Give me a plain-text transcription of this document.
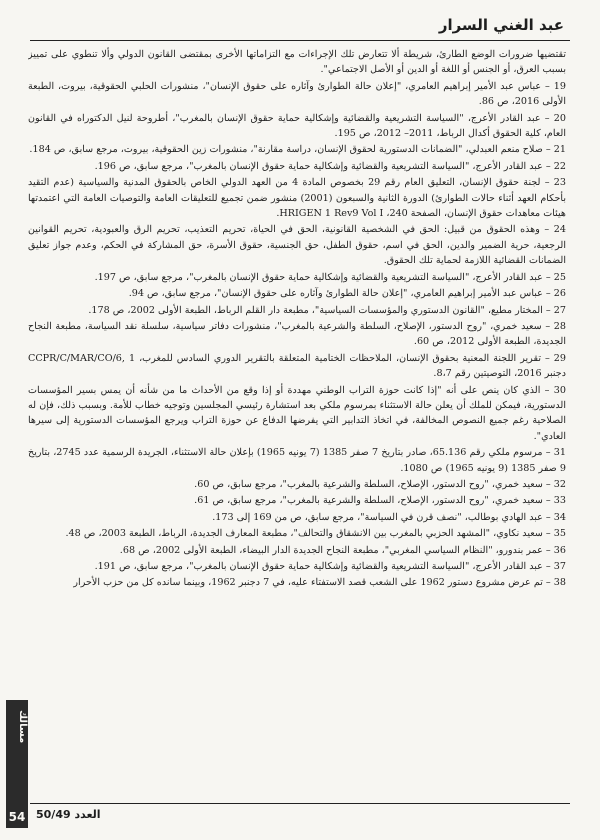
عبد الغني السرار

تقتضيها ضرورات الوضع الطارئ، شريطة ألا تتعارض تلك الإجراءات مع التزاماتها الأخرى بمقتضى القانون الدولي وألا تنطوي على تمييز بسبب العرق، أو الجنس أو اللغة أو الدين أو الأصل الاجتماعي".

19 – عباس عبد الأمير إبراهيم العامري، "إعلان حالة الطوارئ وآثاره على حقوق الإنسان"، منشورات الحلبي الحقوقية، بيروت، الطبعة الأولى 2016، ص 86.

20 – عبد القادر الأعرج، "السياسة التشريعية والقضائية وإشكالية حماية حقوق الإنسان بالمغرب"، أطروحة لنيل الدكتوراه في القانون العام، كلية الحقوق أكدال الرباط، 2011– 2012، ص 195.

21 – صلاح منعم العبدلي، "الضمانات الدستورية لحقوق الإنسان، دراسة مقارنة"، منشورات زين الحقوقية، بيروت، مرجع سابق، ص 184.

22 – عبد القادر الأعرج، "السياسة التشريعية والقضائية وإشكالية حماية حقوق الإنسان بالمغرب"، مرجع سابق، ص 196.

23 – لجنة حقوق الإنسان، التعليق العام رقم 29 بخصوص المادة 4 من العهد الدولي الخاص بالحقوق المدنية والسياسية (عدم التقيد بأحكام العهد أثناء حالات الطوارئ) الدورة الثانية والسبعون (2001) منشور ضمن تجميع للتعليقات العامة والتوصيات العامة التي اعتمدتها هيئات معاهدات حقوق الإنسان، الصفحة 240، HRIGEN 1 Rev9 Vol I.

24 – وهذه الحقوق من قبيل: الحق في الشخصية القانونية، الحق في الحياة، تحريم التعذيب، تحريم الرق والعبودية، تحريم القوانين الرجعية، حرية الضمير والدين، الحق في اسم، حقوق الطفل، حق الجنسية، حقوق الأسرة، حق المشاركة في الحكم، وعدم جواز تعليق الضمانات القضائية اللازمة لحماية تلك الحقوق.

25 – عبد القادر الأعرج، "السياسة التشريعية والقضائية وإشكالية حماية حقوق الإنسان بالمغرب"، مرجع سابق، ص 197.

26 – عباس عبد الأمير إبراهيم العامري، "إعلان حالة الطوارئ وآثاره على حقوق الإنسان"، مرجع سابق، ص 94.

27 – المختار مطيع، "القانون الدستوري والمؤسسات السياسية"، مطبعة دار القلم الرباط، الطبعة الأولى 2002، ص 178.

28 – سعيد خمري، "روح الدستور، الإصلاح، السلطة والشرعية بالمغرب"، منشورات دفاتر سياسية، سلسلة نقد السياسة، مطبعة النجاح الجديدة، الطبعة الأولى 2012، ص 60.

29 – تقرير اللجنة المعنية بحقوق الإنسان، الملاحظات الختامية المتعلقة بالتقرير الدوري السادس للمغرب، CCPR/C/MAR/CO/6, 1 دجنبر 2016، التوصيتين رقم 8،7.

30 – الذي كان ينص على أنه "إذا كانت حوزة التراب الوطني مهددة أو إذا وقع من الأحداث ما من شأنه أن يمس بسير المؤسسات الدستورية، فيمكن للملك أن يعلن حالة الاستثناء بمرسوم ملكي بعد استشارة رئيسي المجلسين وتوجيه خطاب للأمة. وبسبب ذلك، فإن له الصلاحية رغم جميع النصوص المخالفة، في اتخاذ التدابير التي يفرضها الدفاع عن حوزة التراب ويرجع المؤسسات الدستورية إلى سيرها العادي".

31 – مرسوم ملكي رقم 65.136، صادر بتاريخ 7 صفر 1385 (7 يونيه 1965) بإعلان حالة الاستثناء، الجريدة الرسمية عدد 2745، بتاريخ 9 صفر 1385 (9 يونيه 1965) ص 1080.

32 – سعيد خمري، "روح الدستور، الإصلاح، السلطة والشرعية بالمغرب"، مرجع سابق، ص 60.

33 – سعيد خمري، "روح الدستور، الإصلاح، السلطة والشرعية بالمغرب"، مرجع سابق، ص 61.

34 – عبد الهادي بوطالب، "نصف قرن في السياسة"، مرجع سابق، ص من 169 إلى 173.

35 – سعيد نكاوي، "المشهد الحزبي بالمغرب بين الانشقاق والتحالف"، مطبعة المعارف الجديدة، الرباط، الطبعة 2003، ص 48.

36 – عمر بندورو، "النظام السياسي المغربي"، مطبعة النجاح الجديدة الدار البيضاء، الطبعة الأولى 2002، ص 68.

37 – عبد القادر الأعرج، "السياسة التشريعية والقضائية وإشكالية حماية حقوق الإنسان بالمغرب"، مرجع سابق، ص 191.

38 – تم عرض مشروع دستور 1962 على الشعب قصد الاستفتاء عليه، في 7 دجنبر 1962، وبينما سانده كل من حزب الأحرار

مسالك
54 العدد 50/49
